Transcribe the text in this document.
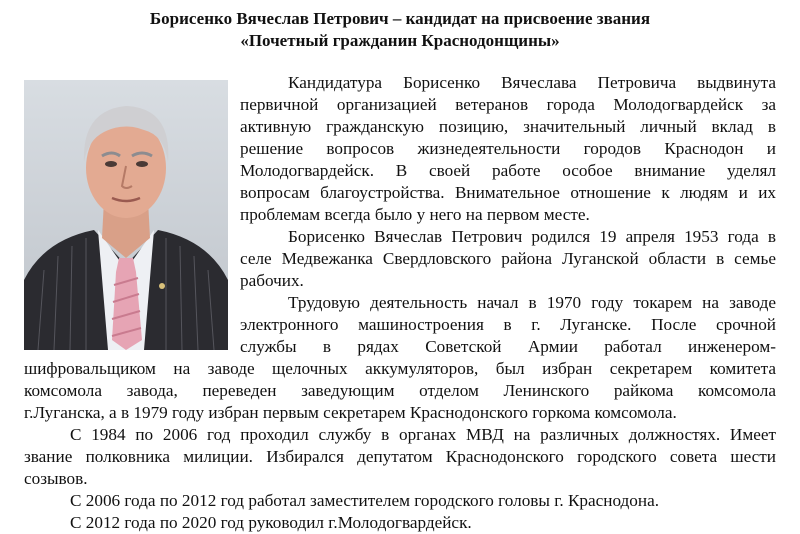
Борисенко Вячеслав Петрович – кандидат на присвоение звания
«Почетный гражданин Краснодонщины»
Кандидатура Борисенко Вячеслава Петровича выдвинута
первичной организацией ветеранов города Молодогвардейск за
активную гражданскую позицию, значительный личный вклад в
решение вопросов жизнедеятельности городов Краснодон и
Молодогвардейск. В своей работе особое внимание уделял
вопросам благоустройства. Внимательное отношение к людям и их
проблемам всегда было у него на первом месте.
Борисенко Вячеслав Петрович родился 19 апреля 1953 года в
селе Медвежанка Свердловского района Луганской области в семье
рабочих.
Трудовую деятельность начал в 1970 году токарем на заводе
электронного машиностроения в г. Луганске. После срочной
службы в рядах Советской Армии работал инженером-
шифровальщиком на заводе щелочных аккумуляторов, был избран секретарем комитета
комсомола завода, переведен заведующим отделом Ленинского райкома комсомола
г.Луганска, а в 1979 году избран первым секретарем Краснодонского горкома комсомола.
С 1984 по 2006 год проходил службу в органах МВД на различных должностях. Имеет
звание полковника милиции. Избирался депутатом Краснодонского городского совета шести
созывов.
С 2006 года по 2012 год работал заместителем городского головы г. Краснодона.
С 2012 года по 2020 год руководил г.Молодогвардейск.
